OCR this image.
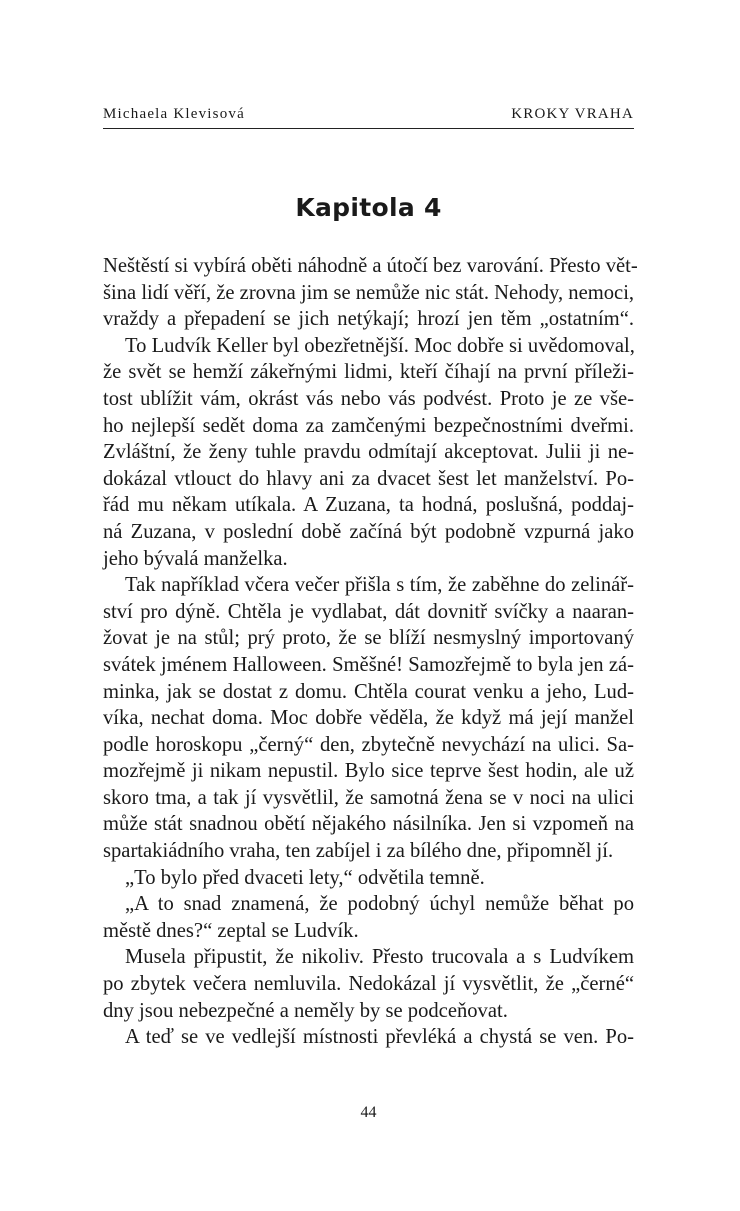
Michaela Klevisová	KROKY VRAHA
Kapitola 4
Neštěstí si vybírá oběti náhodně a útočí bez varování. Přesto vět-
šina lidí věří, že zrovna jim se nemůže nic stát. Nehody, nemoci,
vraždy a přepadení se jich netýkají; hrozí jen těm „ostatním“.
To Ludvík Keller byl obezřetnější. Moc dobře si uvědomoval,
že svět se hemží zákeřnými lidmi, kteří číhají na první příleži-
tost ublížit vám, okrást vás nebo vás podvést. Proto je ze vše-
ho nejlepší sedět doma za zamčenými bezpečnostními dveřmi.
Zvláštní, že ženy tuhle pravdu odmítají akceptovat. Julii ji ne-
dokázal vtlouct do hlavy ani za dvacet šest let manželství. Po-
řád mu někam utíkala. A Zuzana, ta hodná, poslušná, poddaj-
ná Zuzana, v poslední době začíná být podobně vzpurná jako
jeho bývalá manželka.
Tak například včera večer přišla s tím, že zaběhne do zelinář-
ství pro dýně. Chtěla je vydlabat, dát dovnitř svíčky a naaran-
žovat je na stůl; prý proto, že se blíží nesmyslný importovaný
svátek jménem Halloween. Směšné! Samozřejmě to byla jen zá-
minka, jak se dostat z domu. Chtěla courat venku a jeho, Lud-
víka, nechat doma. Moc dobře věděla, že když má její manžel
podle horoskopu „černý“ den, zbytečně nevychází na ulici. Sa-
mozřejmě ji nikam nepustil. Bylo sice teprve šest hodin, ale už
skoro tma, a tak jí vysvětlil, že samotná žena se v noci na ulici
může stát snadnou obětí nějakého násilníka. Jen si vzpomeň na
spartakiádního vraha, ten zabíjel i za bílého dne, připomněl jí.
„To bylo před dvaceti lety,“ odvětila temně.
„A to snad znamená, že podobný úchyl nemůže běhat po
městě dnes?“ zeptal se Ludvík.
Musela připustit, že nikoliv. Přesto trucovala a s Ludvíkem
po zbytek večera nemluvila. Nedokázal jí vysvětlit, že „černé“
dny jsou nebezpečné a neměly by se podceňovat.
A teď se ve vedlejší místnosti převléká a chystá se ven. Po-
44
